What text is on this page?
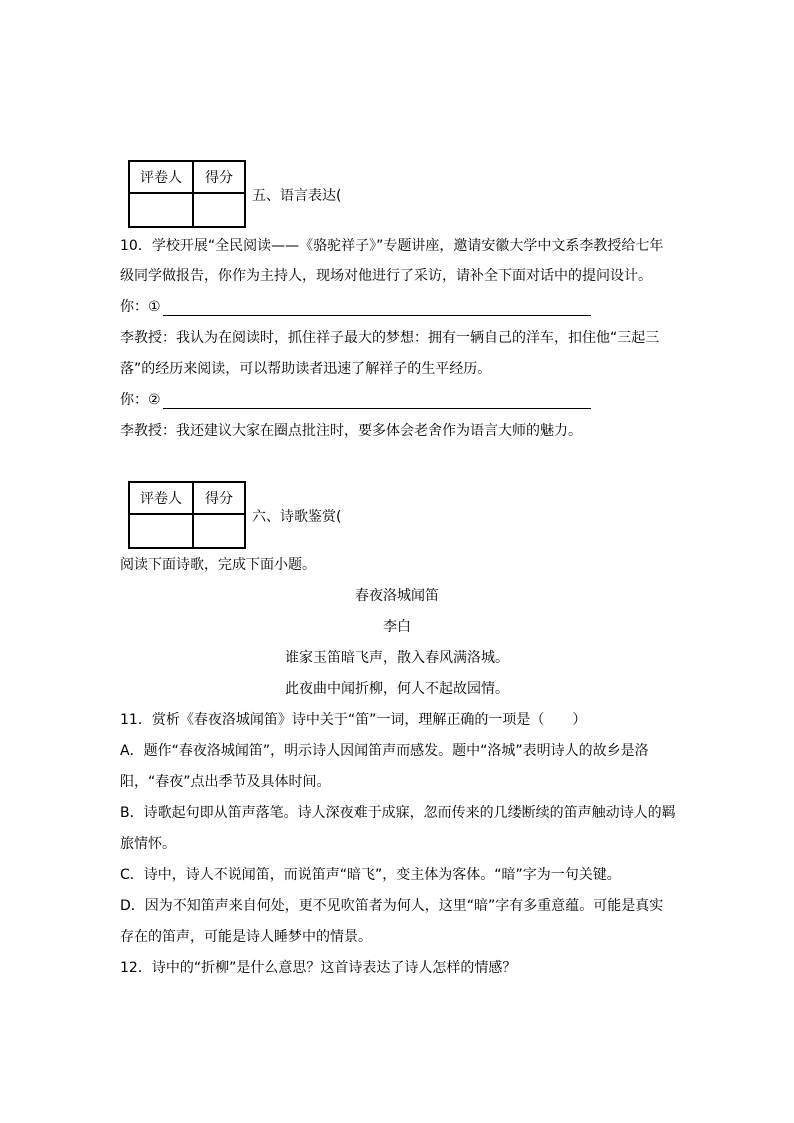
评卷人	得分

五、语言表达(
10．学校开展“全民阅读——《骆驼祥子》”专题讲座，邀请安徽大学中文系李教授给七年
级同学做报告，你作为主持人，现场对他进行了采访，请补全下面对话中的提问设计。
你：①
李教授：我认为在阅读时，抓住祥子最大的梦想：拥有一辆自己的洋车，扣住他“三起三
落”的经历来阅读，可以帮助读者迅速了解祥子的生平经历。
你：②
李教授：我还建议大家在圈点批注时，要多体会老舍作为语言大师的魅力。
评卷人	得分

六、诗歌鉴赏(
阅读下面诗歌，完成下面小题。
春夜洛城闻笛
李白
谁家玉笛暗飞声，散入春风满洛城。
此夜曲中闻折柳，何人不起故园情。
11．赏析《春夜洛城闻笛》诗中关于“笛”一词，理解正确的一项是（　　）
A．题作“春夜洛城闻笛”，明示诗人因闻笛声而感发。题中“洛城”表明诗人的故乡是洛
阳，“春夜”点出季节及具体时间。
B．诗歌起句即从笛声落笔。诗人深夜难于成寐，忽而传来的几缕断续的笛声触动诗人的羁
旅情怀。
C．诗中，诗人不说闻笛，而说笛声“暗飞”，变主体为客体。“暗”字为一句关键。
D．因为不知笛声来自何处，更不见吹笛者为何人，这里“暗”字有多重意蕴。可能是真实
存在的笛声，可能是诗人睡梦中的情景。
12．诗中的“折柳”是什么意思？这首诗表达了诗人怎样的情感？
